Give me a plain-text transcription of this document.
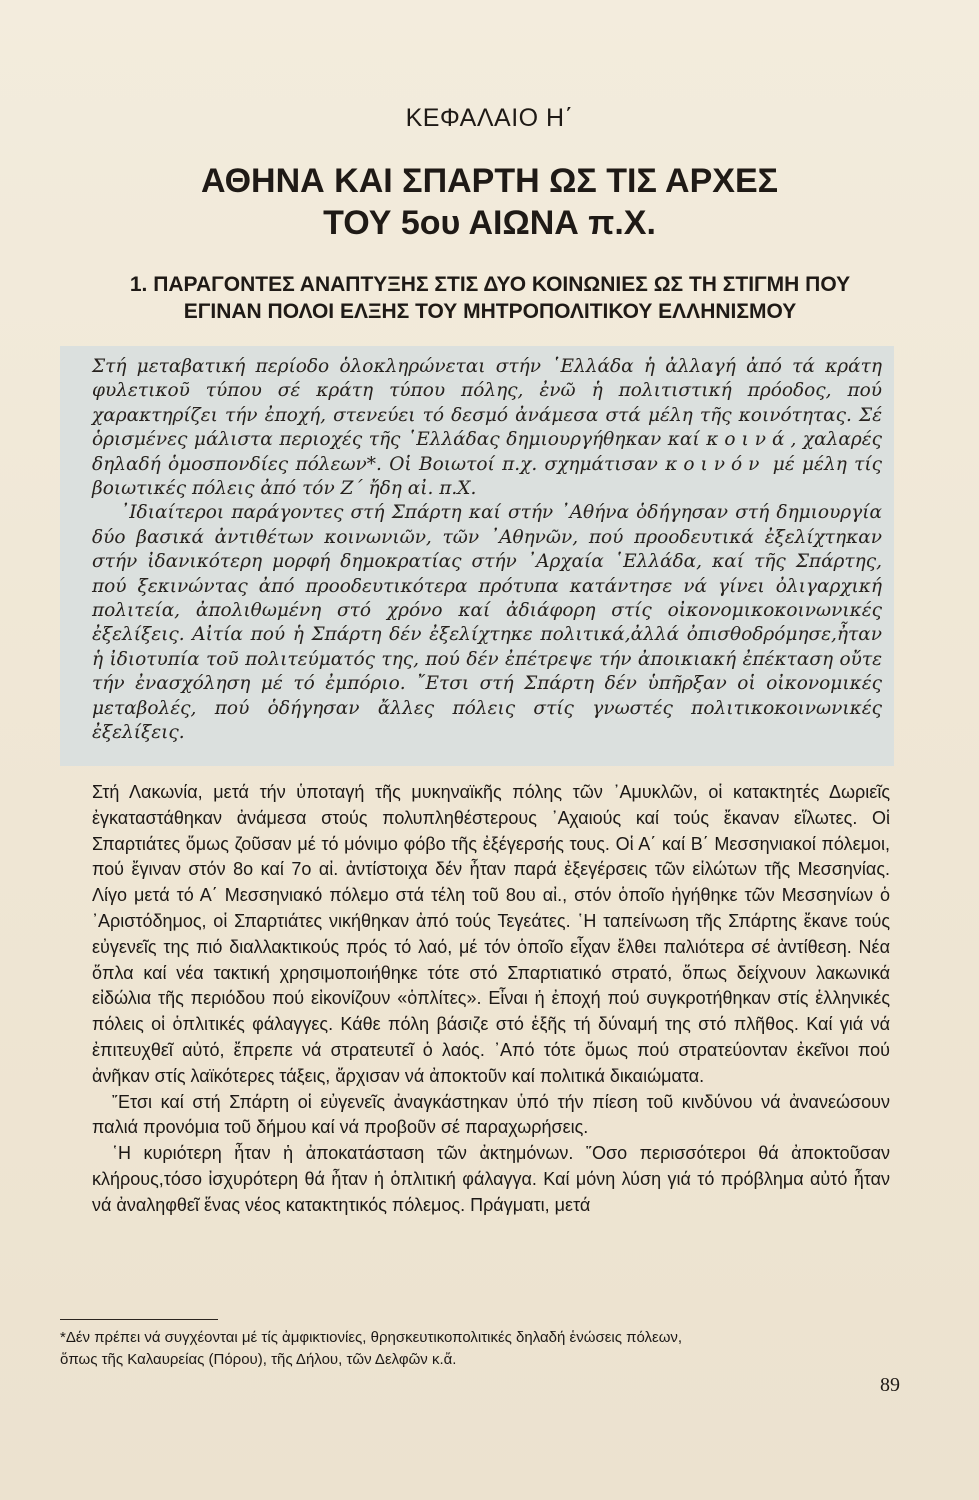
ΚΕΦΑΛΑΙΟ Η΄
ΑΘΗΝΑ ΚΑΙ ΣΠΑΡΤΗ ΩΣ ΤΙΣ ΑΡΧΕΣ
ΤΟΥ 5ου ΑΙΩΝΑ π.Χ.
1. ΠΑΡΑΓΟΝΤΕΣ ΑΝΑΠΤΥΞΗΣ ΣΤΙΣ ΔΥΟ ΚΟΙΝΩΝΙΕΣ ΩΣ ΤΗ ΣΤΙΓΜΗ ΠΟΥ
ΕΓΙΝΑΝ ΠΟΛΟΙ ΕΛΞΗΣ ΤΟΥ ΜΗΤΡΟΠΟΛΙΤΙΚΟΥ ΕΛΛΗΝΙΣΜΟΥ

Στή μεταβατική περίοδο ὁλοκληρώνεται στήν ῾Ελλάδα ἡ ἀλλαγή ἀπό τά κράτη φυλετικοῦ τύπου σέ κράτη τύπου πόλης, ἐνῶ ἡ πολιτιστική πρόοδος, πού χαρακτηρίζει τήν ἐποχή, στενεύει τό δεσμό ἀνάμεσα στά μέλη τῆς κοινότητας. Σέ ὁρισμένες μάλιστα περιοχές τῆς ῾Ελλάδας δημιουργήθηκαν καί κοινά, χαλαρές δηλαδή ὁμοσπονδίες πόλεων*. Οἱ Βοιωτοί π.χ. σχημάτισαν κοινόν μέ μέλη τίς βοιωτικές πόλεις ἀπό τόν Ζ΄ ἤδη αἰ. π.Χ.

᾿Ιδιαίτεροι παράγοντες στή Σπάρτη καί στήν ᾿Αθήνα ὁδήγησαν στή δημιουργία δύο βασικά ἀντιθέτων κοινωνιῶν, τῶν ᾿Αθηνῶν, πού προοδευτικά ἐξελίχτηκαν στήν ἰδανικότερη μορφή δημοκρατίας στήν ᾿Αρχαία ῾Ελλάδα, καί τῆς Σπάρτης, πού ξεκινώντας ἀπό προοδευτικότερα πρότυπα κατάντησε νά γίνει ὀλιγαρχική πολιτεία, ἀπολιθωμένη στό χρόνο καί ἀδιάφορη στίς οἰκονομικοκοινωνικές ἐξελίξεις. Αἰτία πού ἡ Σπάρτη δέν ἐξελίχτηκε πολιτικά,ἀλλά ὀπισθοδρόμησε,ἦταν ἡ ἰδιοτυπία τοῦ πολιτεύματός της, πού δέν ἐπέτρεψε τήν ἀποικιακή ἐπέκταση οὔτε τήν ἐνασχόληση μέ τό ἐμπόριο. ῎Ετσι στή Σπάρτη δέν ὑπῆρξαν οἱ οἰκονομικές μεταβολές, πού ὁδήγησαν ἄλλες πόλεις στίς γνωστές πολιτικοκοινωνικές ἐξελίξεις.

Στή Λακωνία, μετά τήν ὑποταγή τῆς μυκηναϊκῆς πόλης τῶν ᾿Αμυκλῶν, οἱ κατακτητές Δωριεῖς ἐγκαταστάθηκαν ἀνάμεσα στούς πολυπληθέστερους ᾿Αχαιούς καί τούς ἔκαναν εἵλωτες. Οἱ Σπαρτιάτες ὅμως ζοῦσαν μέ τό μόνιμο φόβο τῆς ἐξέγερσής τους. Οἱ Α΄ καί Β΄ Μεσσηνιακοί πόλεμοι, πού ἔγιναν στόν 8ο καί 7ο αἰ. ἀντίστοιχα δέν ἦταν παρά ἐξεγέρσεις τῶν εἱλώτων τῆς Μεσσηνίας. Λίγο μετά τό Α΄ Μεσσηνιακό πόλεμο στά τέλη τοῦ 8ου αἰ., στόν ὁποῖο ἡγήθηκε τῶν Μεσσηνίων ὁ ᾿Αριστόδημος, οἱ Σπαρτιάτες νικήθηκαν ἀπό τούς Τεγεάτες. ῾Η ταπείνωση τῆς Σπάρτης ἔκανε τούς εὐγενεῖς της πιό διαλλακτικούς πρός τό λαό, μέ τόν ὁποῖο εἶχαν ἔλθει παλιότερα σέ ἀντίθεση. Νέα ὅπλα καί νέα τακτική χρησιμοποιήθηκε τότε στό Σπαρτιατικό στρατό, ὅπως δείχνουν λακωνικά εἰδώλια τῆς περιόδου πού εἰκονίζουν «ὁπλίτες». Εἶναι ἡ ἐποχή πού συγκροτήθηκαν στίς ἑλληνικές πόλεις οἱ ὁπλιτικές φάλαγγες. Κάθε πόλη βάσιζε στό ἑξῆς τή δύναμή της στό πλῆθος. Καί γιά νά ἐπιτευχθεῖ αὐτό, ἔπρεπε νά στρατευτεῖ ὁ λαός. ᾿Από τότε ὅμως πού στρατεύονταν ἐκεῖνοι πού ἀνῆκαν στίς λαϊκότερες τάξεις, ἄρχισαν νά ἀποκτοῦν καί πολιτικά δικαιώματα.

῎Ετσι καί στή Σπάρτη οἱ εὐγενεῖς ἀναγκάστηκαν ὑπό τήν πίεση τοῦ κινδύνου νά ἀνανεώσουν παλιά προνόμια τοῦ δήμου καί νά προβοῦν σέ παραχωρήσεις.

῾Η κυριότερη ἦταν ἡ ἀποκατάσταση τῶν ἀκτημόνων. ῞Οσο περισσότεροι θά ἀποκτοῦσαν κλήρους,τόσο ἰσχυρότερη θά ἦταν ἡ ὁπλιτική φάλαγγα. Καί μόνη λύση γιά τό πρόβλημα αὐτό ἦταν νά ἀναληφθεῖ ἕνας νέος κατακτητικός πόλεμος. Πράγματι, μετά

*Δέν πρέπει νά συγχέονται μέ τίς ἀμφικτιονίες, θρησκευτικοπολιτικές δηλαδή ἑνώσεις πόλεων,
ὅπως τῆς Καλαυρείας (Πόρου), τῆς Δήλου, τῶν Δελφῶν κ.ἄ.
89
